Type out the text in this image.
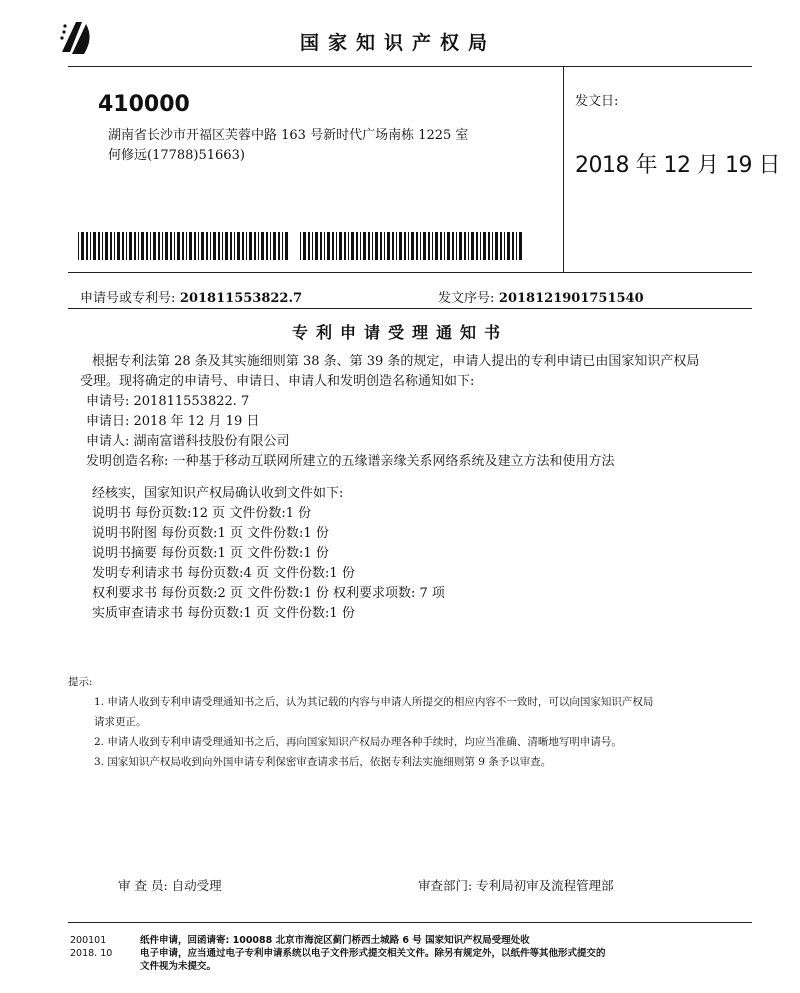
国家知识产权局
410000
湖南省长沙市开福区芙蓉中路 163 号新时代广场南栋 1225 室
何修远(17788)51663)
发文日:
2018 年 12 月 19 日
申请号或专利号: 201811553822.7	发文序号: 2018121901751540
专利申请受理通知书

根据专利法第 28 条及其实施细则第 38 条、第 39 条的规定，申请人提出的专利申请已由国家知识产权局

受理。现将确定的申请号、申请日、申请人和发明创造名称通知如下:

申请号: 201811553822. 7

申请日: 2018 年 12 月 19 日

申请人: 湖南富谱科技股份有限公司

发明创造名称: 一种基于移动互联网所建立的五缘谱亲缘关系网络系统及建立方法和使用方法

经核实，国家知识产权局确认收到文件如下:

说明书 每份页数:12 页 文件份数:1 份

说明书附图 每份页数:1 页 文件份数:1 份

说明书摘要 每份页数:1 页 文件份数:1 份

发明专利请求书 每份页数:4 页 文件份数:1 份

权利要求书 每份页数:2 页 文件份数:1 份 权利要求项数: 7 项

实质审查请求书 每份页数:1 页 文件份数:1 份

提示:

1. 申请人收到专利申请受理通知书之后，认为其记载的内容与申请人所提交的相应内容不一致时，可以向国家知识产权局

请求更正。

2. 申请人收到专利申请受理通知书之后，再向国家知识产权局办理各种手续时，均应当准确、清晰地写明申请号。

3. 国家知识产权局收到向外国申请专利保密审查请求书后，依据专利法实施细则第 9 条予以审查。

审 查 员: 自动受理	审查部门: 专利局初审及流程管理部
200101
2018. 10
纸件申请，回函请寄: 100088 北京市海淀区蓟门桥西土城路 6 号 国家知识产权局受理处收
电子申请，应当通过电子专利申请系统以电子文件形式提交相关文件。除另有规定外，以纸件等其他形式提交的
文件视为未提交。
